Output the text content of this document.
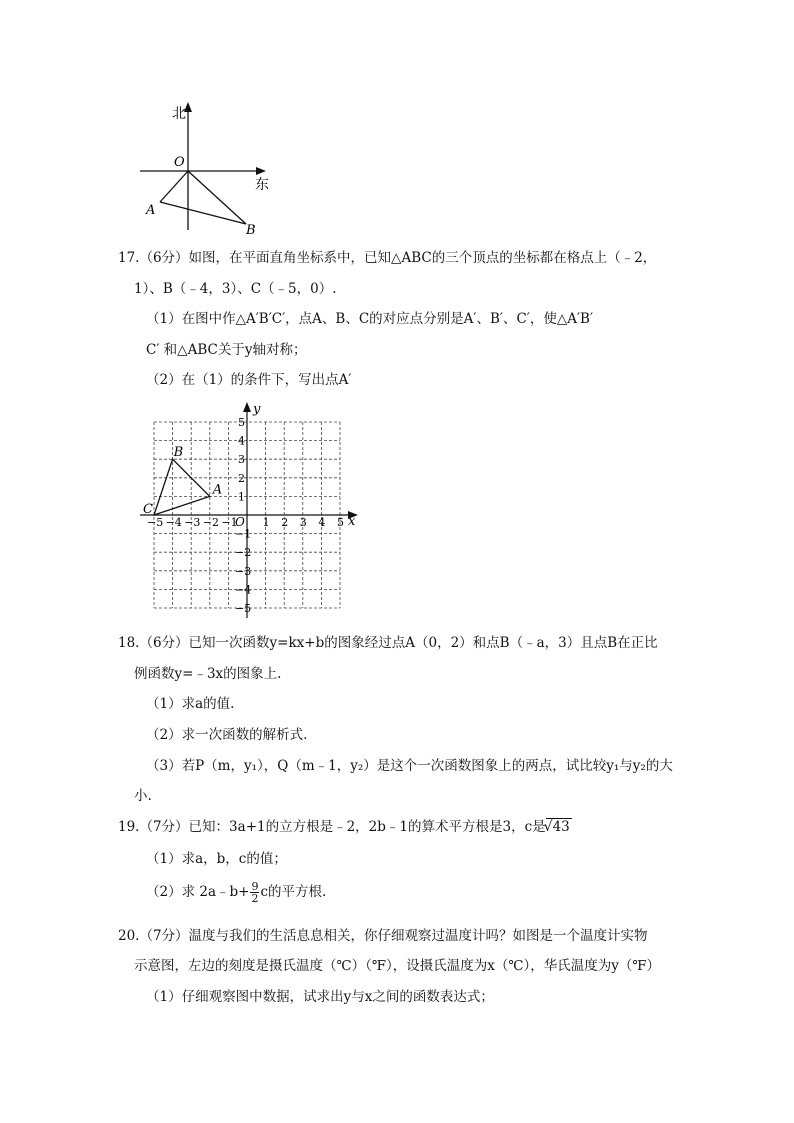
北
东
O
A
B
17.（6分）如图，在平面直角坐标系中，已知△ABC的三个顶点的坐标都在格点上（﹣2，
1）、B（﹣4，3）、C（﹣5，0）.
（1）在图中作△A′B′C′，点A、B、C的对应点分别是A′、B′、C′，使△A′B′
C′ 和△ABC关于y轴对称；
（2）在（1）的条件下，写出点A′
y
x
O
−5 −4 −3 −2 −1 1 2 3 4 5
5
4
3
2
1
−1
−2
−3
−4
−5
A
B
C
18.（6分）已知一次函数y=kx+b的图象经过点A（0，2）和点B（﹣a，3）且点B在正比
例函数y=﹣3x的图象上.
（1）求a的值.
（2）求一次函数的解析式.
（3）若P（m，y₁），Q（m﹣1，y₂）是这个一次函数图象上的两点，试比较y₁与y₂的大
小.
19.（7分）已知：3a+1的立方根是﹣2，2b﹣1的算术平方根是3，c是√43
（1）求a，b，c的值；
（2）求 2a﹣b+ $\frac{9}{2}$ c的平方根.
20.（7分）温度与我们的生活息息相关，你仔细观察过温度计吗？如图是一个温度计实物
示意图，左边的刻度是摄氏温度（℃）（℉），设摄氏温度为x（℃），华氏温度为y（℉）
（1）仔细观察图中数据，试求出y与x之间的函数表达式；
